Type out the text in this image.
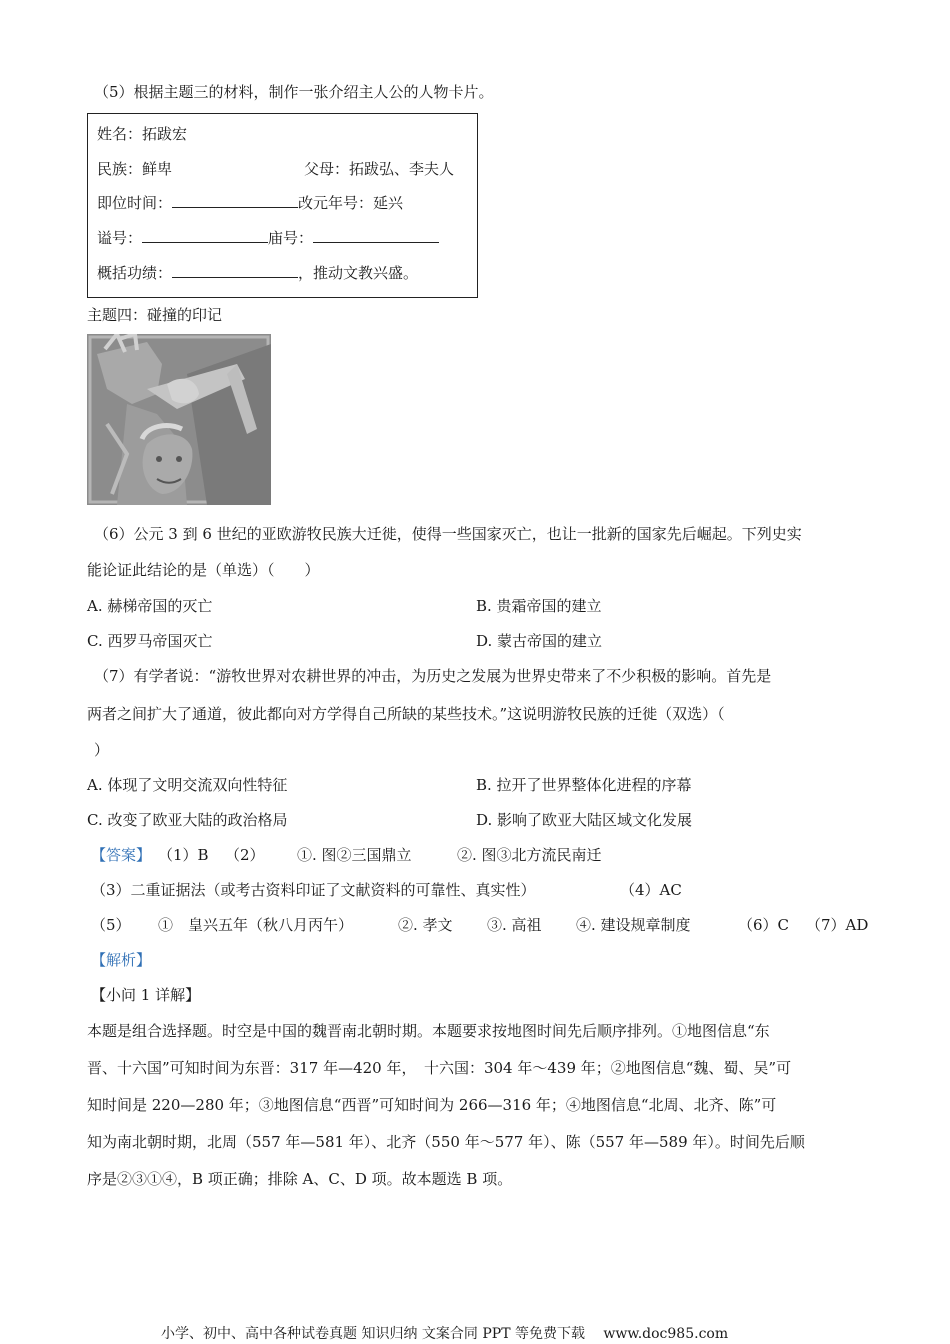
（5）根据主题三的材料，制作一张介绍主人公的人物卡片。
姓名：拓跋宏
民族：鲜卑	父母：拓跋弘、李夫人
即位时间：	改元年号：延兴
谥号：	庙号：
概括功绩：	，推动文教兴盛。
主题四：碰撞的印记
（6）公元 3 到 6 世纪的亚欧游牧民族大迁徙，使得一些国家灭亡，也让一批新的国家先后崛起。下列史实
能论证此结论的是（单选）（　　）
A. 赫梯帝国的灭亡	B. 贵霜帝国的建立
C. 西罗马帝国灭亡	D. 蒙古帝国的建立
（7）有学者说：“游牧世界对农耕世界的冲击，为历史之发展为世界史带来了不少积极的影响。首先是
两者之间扩大了通道，彼此都向对方学得自己所缺的某些技术。”这说明游牧民族的迁徙（双选）（
）
A. 体现了文明交流双向性特征	B. 拉开了世界整体化进程的序幕
C. 改变了欧亚大陆的政治格局	D. 影响了欧亚大陆区域文化发展
【答案】 （1）B （2） ①. 图②三国鼎立	②. 图③北方流民南迁
（3）二重证据法（或考古资料印证了文献资料的可靠性、真实性）	（4）AC
（5） ①　皇兴五年（秋八月丙午）	②. 孝文 ③. 高祖 ④. 建设规章制度	（6）C （7）AD
【解析】
【小问 1 详解】
本题是组合选择题。时空是中国的魏晋南北朝时期。本题要求按地图时间先后顺序排列。①地图信息“东
晋、十六国”可知时间为东晋：317 年—420 年，　十六国：304 年～439 年；②地图信息“魏、蜀、吴”可
知时间是 220—280 年；③地图信息“西晋”可知时间为 266—316 年；④地图信息“北周、北齐、陈”可
知为南北朝时期，北周（557 年—581 年）、北齐（550 年～577 年）、陈（557 年—589 年）。时间先后顺
序是②③①④，B 项正确；排除 A、C、D 项。故本题选 B 项。
小学、初中、高中各种试卷真题 知识归纳 文案合同 PPT 等免费下载　 www.doc985.com
